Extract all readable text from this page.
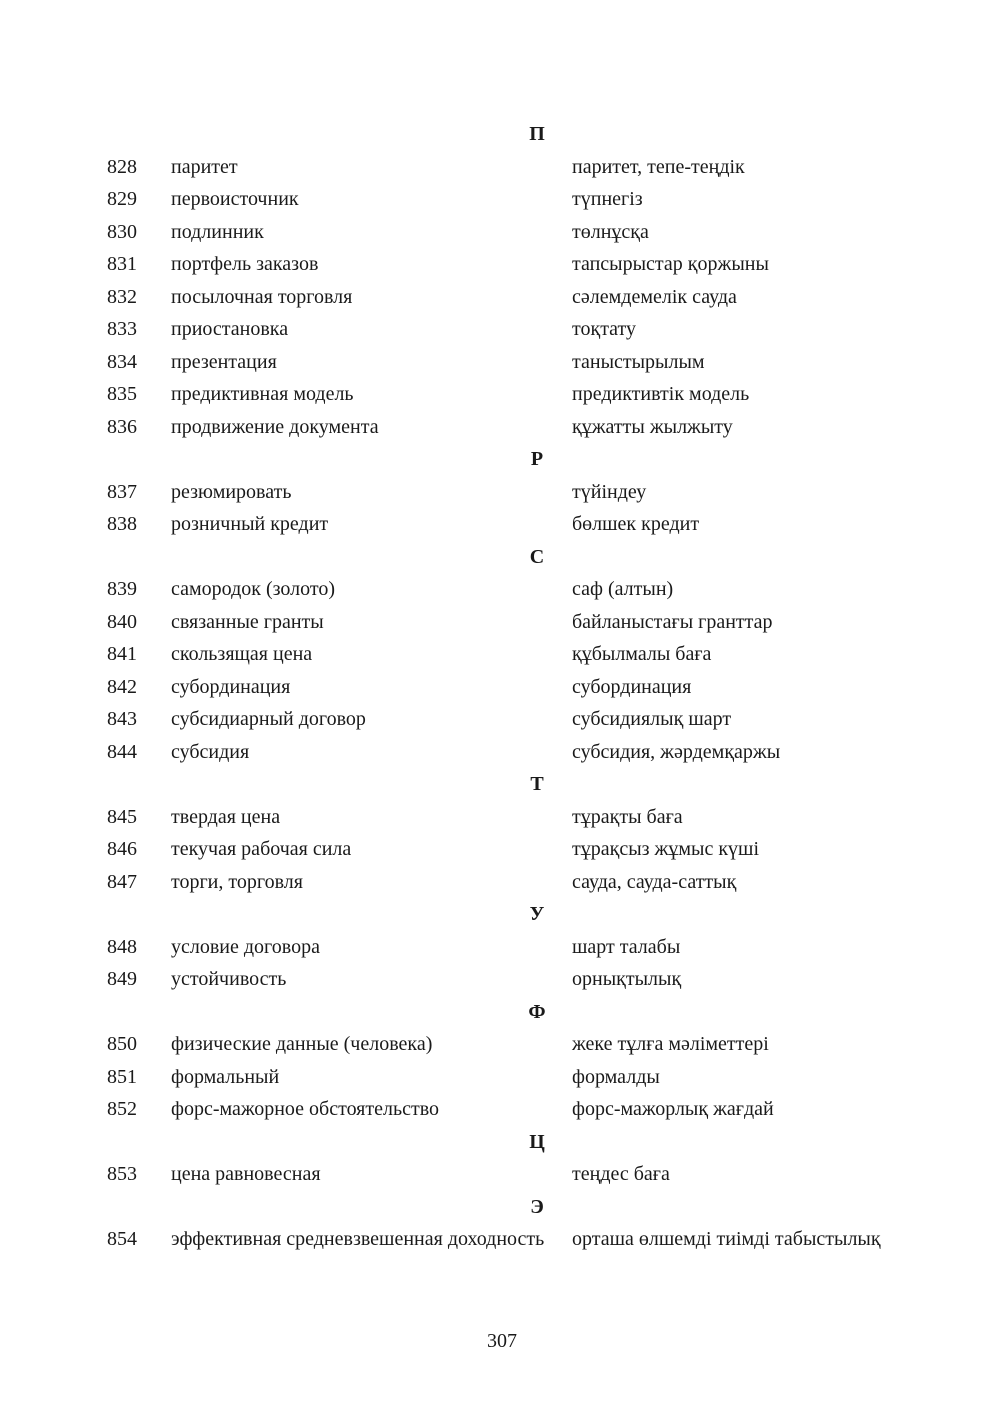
П
828 паритет	паритет, тепе-теңдік
829 первоисточник	түпнегіз
830 подлинник	төлнұсқа
831 портфель заказов	тапсырыстар қоржыны
832 посылочная торговля	сәлемдемелік сауда
833 приостановка	тоқтату
834 презентация	таныстырылым
835 предиктивная модель	предиктивтік модель
836 продвижение документа	құжатты жылжыту
Р
837 резюмировать	түйіндеу
838 розничный кредит	бөлшек кредит
С
839 самородок (золото)	саф (алтын)
840 связанные гранты	байланыстағы гранттар
841 скользящая цена	құбылмалы баға
842 субординация	субординация
843 субсидиарный договор	субсидиялық шарт
844 субсидия	субсидия, жәрдемқаржы
Т
845 твердая цена	тұрақты баға
846 текучая рабочая сила	тұрақсыз жұмыс күші
847 торги, торговля	сауда, сауда-саттық
У
848 условие договора	шарт талабы
849 устойчивость	орнықтылық
Ф
850 физические данные (человека)	жеке тұлға мәліметтері
851 формальный	формалды
852 форс-мажорное обстоятельство	форс-мажорлық жағдай
Ц
853 цена равновесная	теңдес баға
Э
854 эффективная средневзвешенная доходность	орташа өлшемді тиімді табыстылық
307
